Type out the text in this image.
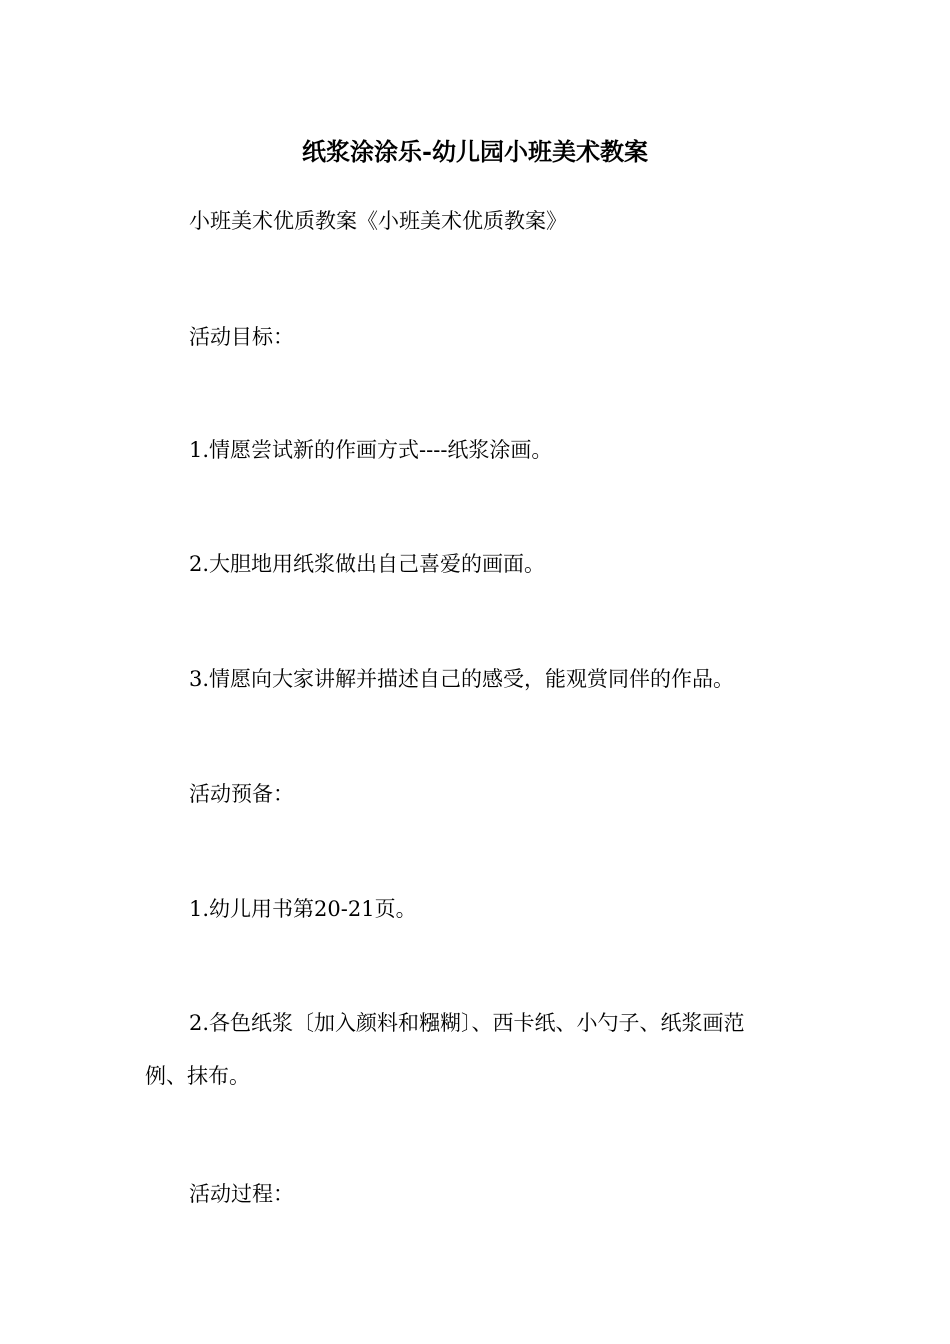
纸浆涂涂乐-幼儿园小班美术教案
小班美术优质教案《小班美术优质教案》
活动目标：
1.情愿尝试新的作画方式----纸浆涂画。
2.大胆地用纸浆做出自己喜爱的画面。
3.情愿向大家讲解并描述自己的感受，能观赏同伴的作品。
活动预备：
1.幼儿用书第20-21页。
2.各色纸浆〔加入颜料和糨糊〕、西卡纸、小勺子、纸浆画范
例、抹布。
活动过程：
